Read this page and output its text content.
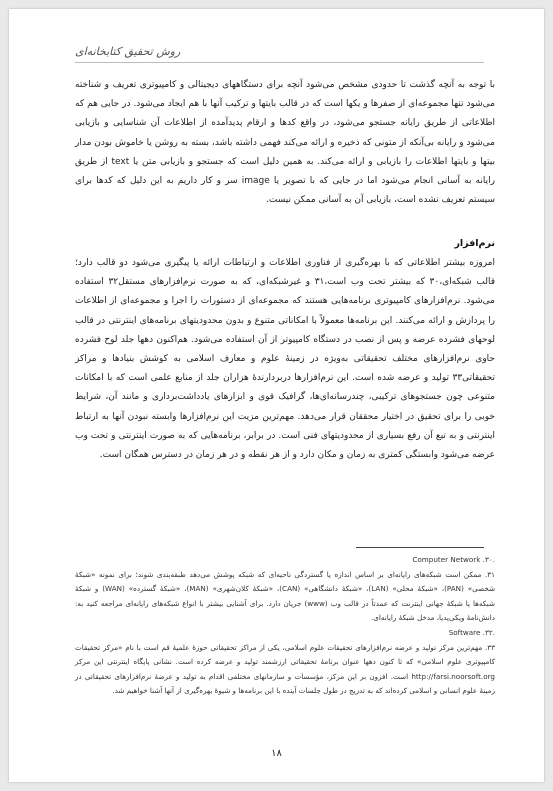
روش تحقیق کتابخانه‌ای
با توجه به آنچه گذشت تا حدودی مشخص می‌شود آنچه برای دستگاههای دیجیتالی و کامپیوتری تعریف و شناخته می‌شود تنها مجموعه‌ای از صفرها و یکها است که در قالب بایتها و ترکیب آنها با هم ایجاد می‌شود. در جایی هم که اطلاعاتی از طریق رایانه جستجو می‌شود، در واقع کدها و ارقام پدیدآمده از اطلاعات آن شناسایی و بازیابی می‌شود و رایانه بی‌آنکه از متونی که ذخیره و ارائه می‌کند فهمی داشته باشد، بسته به روشن یا خاموش بودن مدار بیتها و بایتها اطلاعات را بازیابی و ارائه می‌کند. به همین دلیل است که جستجو و بازیابی متن یا text از طریق رایانه به آسانی انجام می‌شود اما در جایی که با تصویر یا image سر و کار داریم به این دلیل که کدها برای سیستم تعریف نشده است، بازیابی آن به آسانی ممکن نیست.
نرم‌افزار
امروزه بیشتر اطلاعاتی که با بهره‌گیری از فناوری اطلاعات و ارتباطات ارائه یا پیگیری می‌شود دو قالب دارد؛ قالب شبکه‌ای،۳۰ که بیشتر تحت وب است،۳۱ و غیرشبکه‌ای، که به صورت نرم‌افزارهای مستقل۳۲ استفاده می‌شود. نرم‌افزارهای کامپیوتری برنامه‌هایی هستند که مجموعه‌ای از دستورات را اجرا و مجموعه‌ای از اطلاعات را پردازش و ارائه می‌کنند. این برنامه‌ها معمولاً با امکاناتی متنوع و بدون محدودیتهای برنامه‌های اینترنتی در قالب لوحهای فشرده عرضه و پس از نصب در دستگاه کامپیوتر از آن استفاده می‌شود. هم‌اکنون دهها جلد لوح فشرده حاوی نرم‌افزارهای مختلف تحقیقاتی به‌ویژه در زمینهٔ علوم و معارف اسلامی به کوشش بنیادها و مراکز تحقیقاتی۳۳ تولید و عرضه شده است. این نرم‌افزارها دربردارندهٔ هزاران جلد از منابع علمی است که با امکانات متنوعی چون جستجوهای ترکیبی، چندرسانه‌ای‌ها، گرافیک قوی و ابزارهای یادداشت‌برداری و مانند آن، شرایط خوبی را برای تحقیق در اختیار محققان قرار می‌دهد. مهم‌ترین مزیت این نرم‌افزارها وابسته نبودن آنها به ارتباط اینترنتی و به تبع آن رفع بسیاری از محدودیتهای فنی است. در برابر، برنامه‌هایی که به صورت اینترنتی و تحت وب عرضه می‌شود وابستگی کمتری به زمان و مکان دارد و از هر نقطه و در هر زمان در دسترس همگان است.

.Computer Network .۳۰

۳۱. ممکن است شبکه‌های رایانه‌ای بر اساس اندازه یا گستردگی ناحیه‌ای که شبکه پوشش می‌دهد طبقه‌بندی شوند؛ برای نمونه «شبکهٔ شخصی» (PAN)، «شبکهٔ محلی» (LAN)، «شبکهٔ دانشگاهی» (CAN)، «شبکهٔ کلان‌شهری» (MAN)، «شبکهٔ گسترده» (WAN) و شبکهٔ شبکه‌ها یا شبکهٔ جهانی اینترنت که عمدتاً در قالب وب (www) جریان دارد. برای آشنایی بیشتر با انواع شبکه‌های رایانه‌ای مراجعه کنید به: دانش‌نامهٔ ویکی‌پدیا، مدخل شبکهٔ رایانه‌ای.

.Software .۳۲

۳۳. مهم‌ترین مرکز تولید و عرضه نرم‌افزارهای تحقیقات علوم اسلامی، یکی از مراکز تحقیقاتی حوزهٔ علمیهٔ قم است با نام «مرکز تحقیقات کامپیوتری علوم اسلامی» که تا کنون دهها عنوان برنامهٔ تحقیقاتی ارزشمند تولید و عرضه کرده است. نشانی پایگاه اینترنتی این مرکز http://farsi.noorsoft.org است. افزون بر این مرکز، مؤسسات و سازمانهای مختلفی اقدام به تولید و عرضهٔ نرم‌افزارهای تحقیقاتی در زمینهٔ علوم انسانی و اسلامی کرده‌اند که به تدریج در طول جلسات آینده با این برنامه‌ها و شیوهٔ بهره‌گیری از آنها آشنا خواهیم شد.

۱۸
